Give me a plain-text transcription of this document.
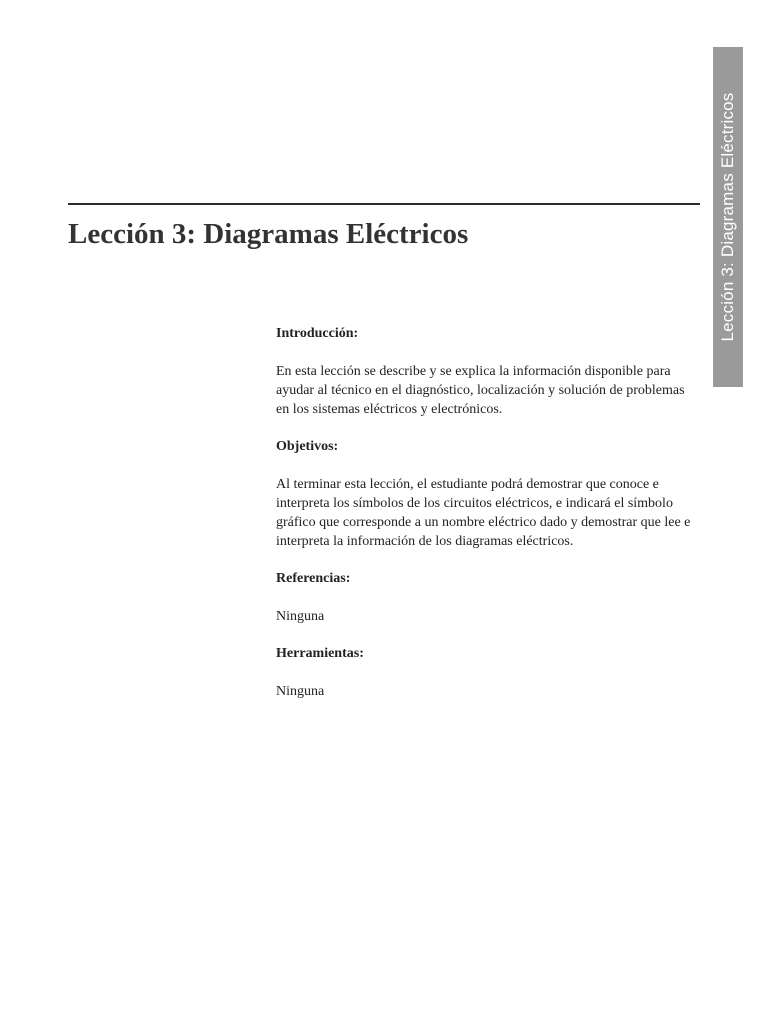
Lección 3: Diagramas Eléctricos
Lección 3: Diagramas Eléctricos

Introducción:

En esta lección se describe y se explica la información disponible para ayudar al técnico en el diagnóstico, localización y solución de problemas en los sistemas eléctricos y electrónicos.

Objetivos:

Al terminar esta lección, el estudiante podrá demostrar que conoce e interpreta los símbolos de los circuitos eléctricos, e indicará el símbolo gráfico que corresponde a un nombre eléctrico dado y demostrar que lee e interpreta la información de los diagramas eléctricos.

Referencias:

Ninguna

Herramientas:

Ninguna
